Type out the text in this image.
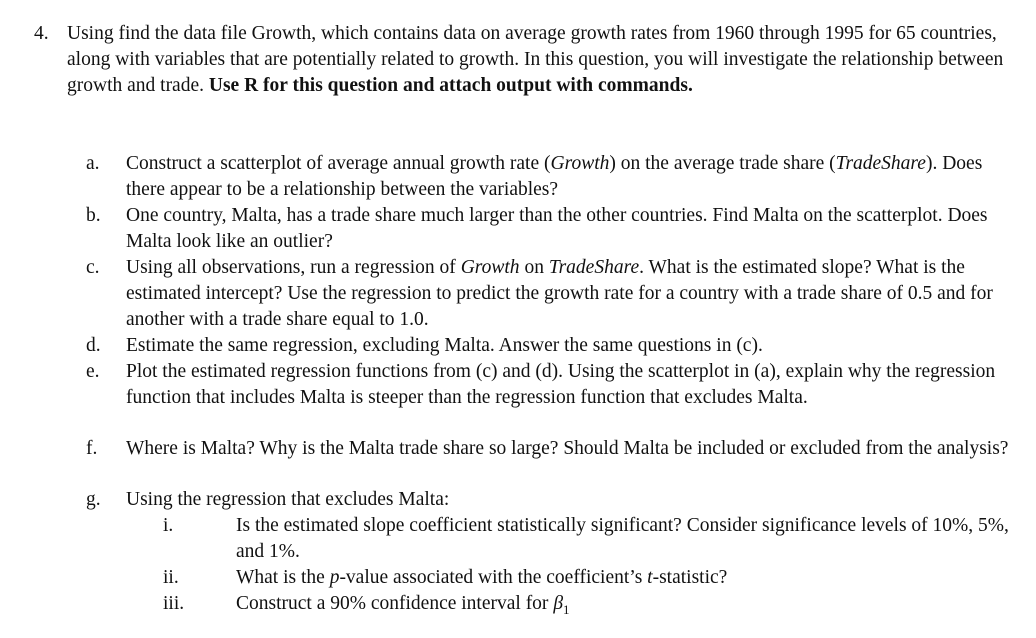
4. Using find the data file Growth, which contains data on average growth rates from 1960 through 1995 for 65 countries, along with variables that are potentially related to growth. In this question, you will investigate the relationship between growth and trade. Use R for this question and attach output with commands.
a.	Construct a scatterplot of average annual growth rate (Growth) on the average trade share (TradeShare). Does there appear to be a relationship between the variables?
b.	One country, Malta, has a trade share much larger than the other countries. Find Malta on the scatterplot. Does Malta look like an outlier?
c.	Using all observations, run a regression of Growth on TradeShare. What is the estimated slope? What is the estimated intercept? Use the regression to predict the growth rate for a country with a trade share of 0.5 and for another with a trade share equal to 1.0.
d.	Estimate the same regression, excluding Malta. Answer the same questions in (c).
e.	Plot the estimated regression functions from (c) and (d). Using the scatterplot in (a), explain why the regression function that includes Malta is steeper than the regression function that excludes Malta.
f.	Where is Malta? Why is the Malta trade share so large? Should Malta be included or excluded from the analysis?
g.	Using the regression that excludes Malta:
i.	Is the estimated slope coefficient statistically significant? Consider significance levels of 10%, 5%, and 1%.
ii.	What is the p-value associated with the coefficient’s t-statistic?
iii.	Construct a 90% confidence interval for $\beta_1$
